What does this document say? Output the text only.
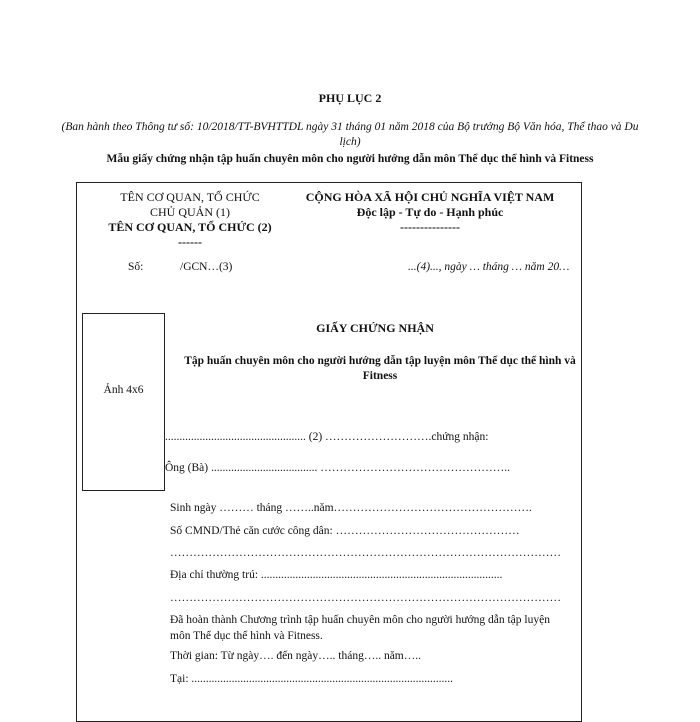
PHỤ LỤC 2
(Ban hành theo Thông tư số: 10/2018/TT-BVHTTDL ngày 31 tháng 01 năm 2018 của Bộ trưởng Bộ Văn hóa, Thể thao và Du lịch)
Mẫu giấy chứng nhận tập huấn chuyên môn cho người hướng dẫn môn Thể dục thể hình và Fitness
TÊN CƠ QUAN, TỔ CHỨC
CHỦ QUẢN (1)
TÊN CƠ QUAN, TỔ CHỨC (2)
------
CỘNG HÒA XÃ HỘI CHỦ NGHĨA VIỆT NAM
Độc lập - Tự do - Hạnh phúc
---------------
Số:	/GCN…(3)	...(4)..., ngày … tháng … năm 20…
Ảnh 4x6
GIẤY CHỨNG NHẬN
Tập huấn chuyên môn cho người hướng dẫn tập luyện môn Thể dục thể hình và Fitness
................................................. (2) ……………………….chứng nhận:
Ông (Bà) ..................................... …………………………………………..
Sinh ngày ……… tháng ……..năm…………………………………………….
Số CMND/Thẻ căn cước công dân: …………………………………………
…………………………………………………………………………………………
Địa chỉ thường trú: ....................................................................................
…………………………………………………………………………………………
Đã hoàn thành Chương trình tập huấn chuyên môn cho người hướng dẫn tập luyện môn Thể dục thể hình và Fitness.
Thời gian: Từ ngày…. đến ngày….. tháng….. năm…..
Tại: ...........................................................................................
